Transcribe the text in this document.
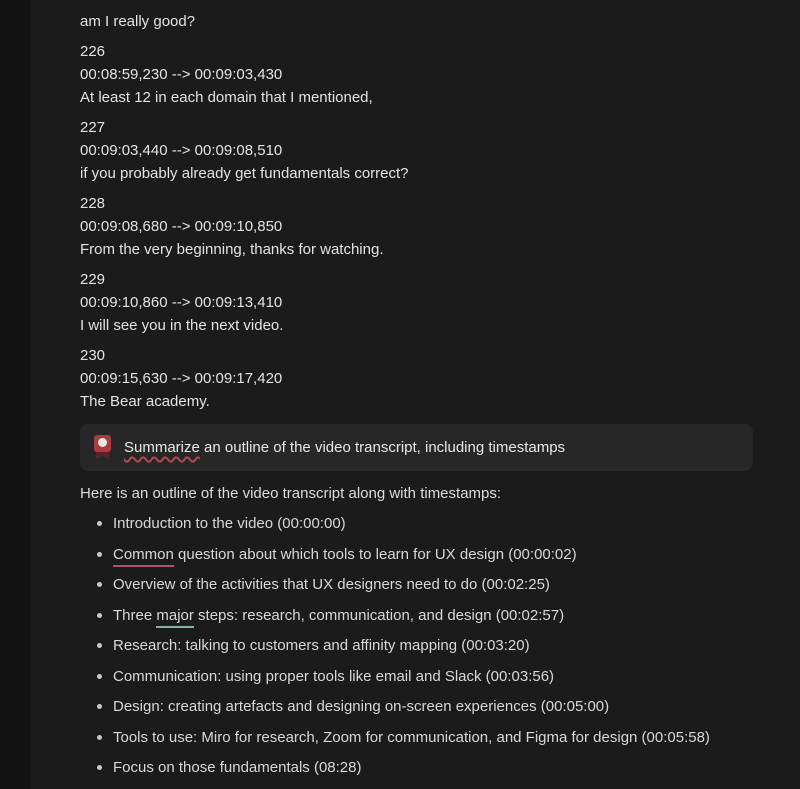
am I really good?
226
00:08:59,230 --> 00:09:03,430
At least 12 in each domain that I mentioned,
227
00:09:03,440 --> 00:09:08,510
if you probably already get fundamentals correct?
228
00:09:08,680 --> 00:09:10,850
From the very beginning, thanks for watching.
229
00:09:10,860 --> 00:09:13,410
I will see you in the next video.
230
00:09:15,630 --> 00:09:17,420
The Bear academy.
Summarize an outline of the video transcript, including timestamps
Here is an outline of the video transcript along with timestamps:
Introduction to the video (00:00:00)
Common question about which tools to learn for UX design (00:00:02)
Overview of the activities that UX designers need to do (00:02:25)
Three major steps: research, communication, and design (00:02:57)
Research: talking to customers and affinity mapping (00:03:20)
Communication: using proper tools like email and Slack (00:03:56)
Design: creating artefacts and designing on-screen experiences (00:05:00)
Tools to use: Miro for research, Zoom for communication, and Figma for design (00:05:58)
Focus on those fundamentals (08:28)
